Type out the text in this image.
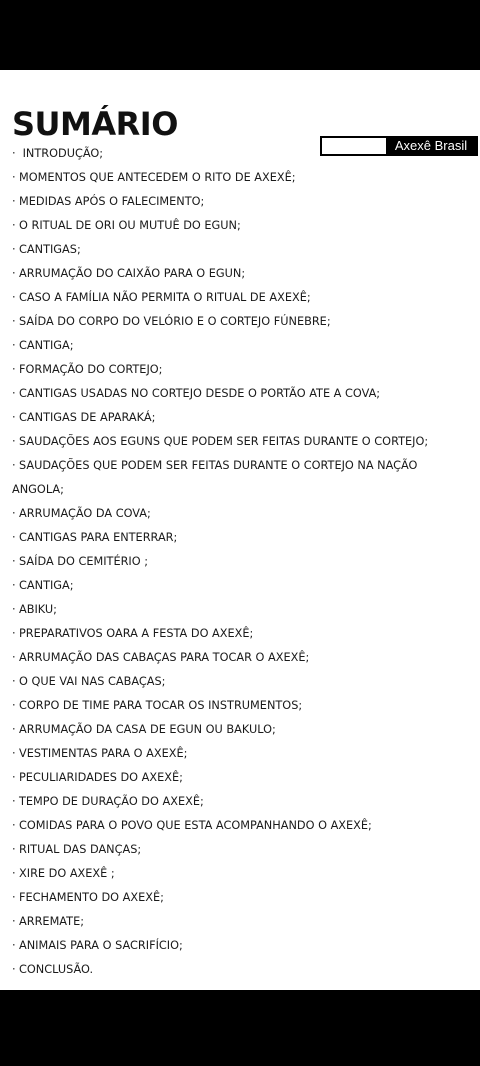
SUMÁRIO
Axexê Brasil
· INTRODUÇÃO;
· MOMENTOS QUE ANTECEDEM O RITO DE AXEXÊ;
· MEDIDAS APÓS O FALECIMENTO;
· O RITUAL DE ORI OU MUTUÊ DO EGUN;
· CANTIGAS;
· ARRUMAÇÃO DO CAIXÃO PARA O EGUN;
· CASO A FAMÍLIA NÃO PERMITA O RITUAL DE AXEXÊ;
· SAÍDA DO CORPO DO VELÓRIO E O CORTEJO FÚNEBRE;
· CANTIGA;
· FORMAÇÃO DO CORTEJO;
· CANTIGAS USADAS NO CORTEJO DESDE O PORTÃO ATE A COVA;
· CANTIGAS DE APARAKÁ;
· SAUDAÇÕES AOS EGUNS QUE PODEM SER FEITAS DURANTE O CORTEJO;
· SAUDAÇÕES QUE PODEM SER FEITAS DURANTE O CORTEJO NA NAÇÃO ANGOLA;
· ARRUMAÇÃO DA COVA;
· CANTIGAS PARA ENTERRAR;
· SAÍDA DO CEMITÉRIO ;
· CANTIGA;
· ABIKU;
· PREPARATIVOS OARA A FESTA DO AXEXÊ;
· ARRUMAÇÃO DAS CABAÇAS PARA TOCAR O AXEXÊ;
· O QUE VAI NAS CABAÇAS;
· CORPO DE TIME PARA TOCAR OS INSTRUMENTOS;
· ARRUMAÇÃO DA CASA DE EGUN OU BAKULO;
· VESTIMENTAS PARA O AXEXÊ;
· PECULIARIDADES DO AXEXÊ;
· TEMPO DE DURAÇÃO DO AXEXÊ;
· COMIDAS PARA O POVO QUE ESTA ACOMPANHANDO O AXEXÊ;
· RITUAL DAS DANÇAS;
· XIRE DO AXEXÊ ;
· FECHAMENTO DO AXEXÊ;
· ARREMATE;
· ANIMAIS PARA O SACRIFÍCIO;
· CONCLUSÃO.
